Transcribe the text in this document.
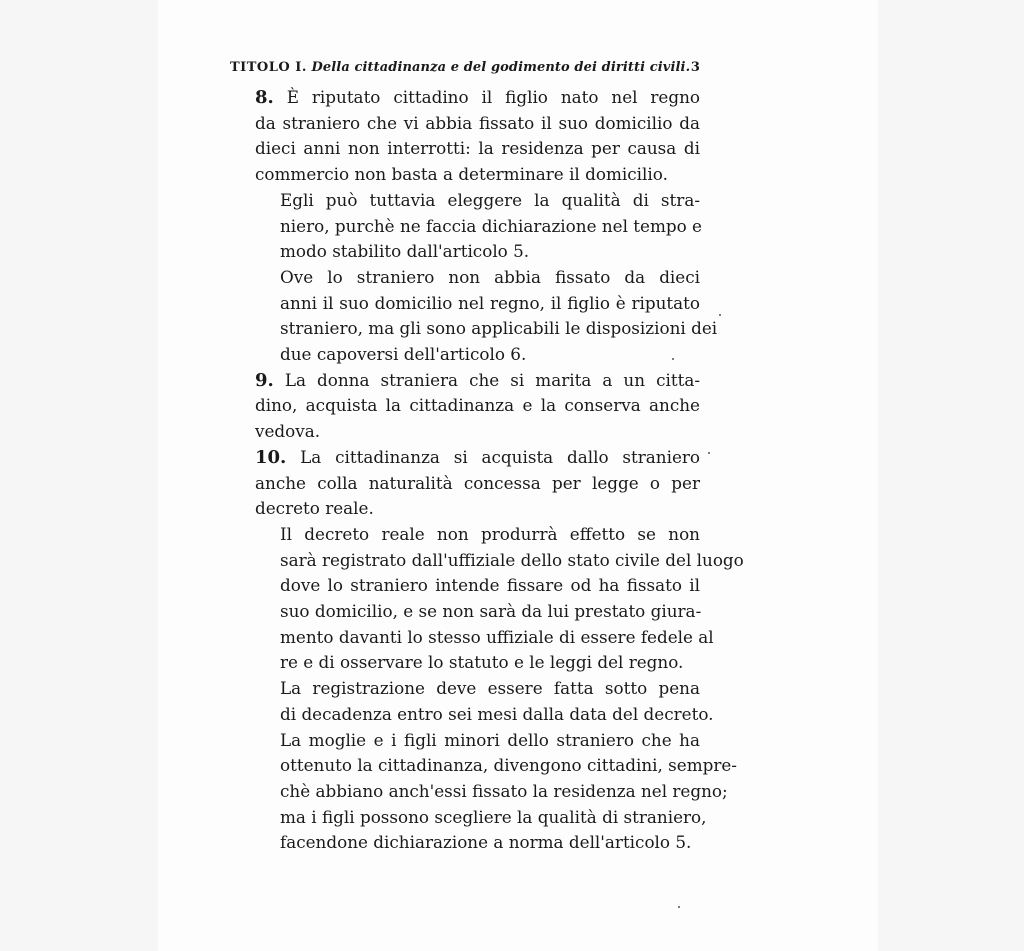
TITOLO I. Della cittadinanza e del godimento dei diritti civili. 3

8. È riputato cittadino il figlio nato nel regno
da straniero che vi abbia fissato il suo domicilio da
dieci anni non interrotti: la residenza per causa di
commercio non basta a determinare il domicilio.

Egli può tuttavia eleggere la qualità di stra-
niero, purchè ne faccia dichiarazione nel tempo e
modo stabilito dall'articolo 5.

Ove lo straniero non abbia fissato da dieci
anni il suo domicilio nel regno, il figlio è riputato
straniero, ma gli sono applicabili le disposizioni dei
due capoversi dell'articolo 6.

9. La donna straniera che si marita a un citta-
dino, acquista la cittadinanza e la conserva anche
vedova.

10. La cittadinanza si acquista dallo straniero
anche colla naturalità concessa per legge o per
decreto reale.

Il decreto reale non produrrà effetto se non
sarà registrato dall'uffiziale dello stato civile del luogo
dove lo straniero intende fissare od ha fissato il
suo domicilio, e se non sarà da lui prestato giura-
mento davanti lo stesso uffiziale di essere fedele al
re e di osservare lo statuto e le leggi del regno.

La registrazione deve essere fatta sotto pena
di decadenza entro sei mesi dalla data del decreto.

La moglie e i figli minori dello straniero che ha
ottenuto la cittadinanza, divengono cittadini, sempre-
chè abbiano anch'essi fissato la residenza nel regno;
ma i figli possono scegliere la qualità di straniero,
facendone dichiarazione a norma dell'articolo 5.
